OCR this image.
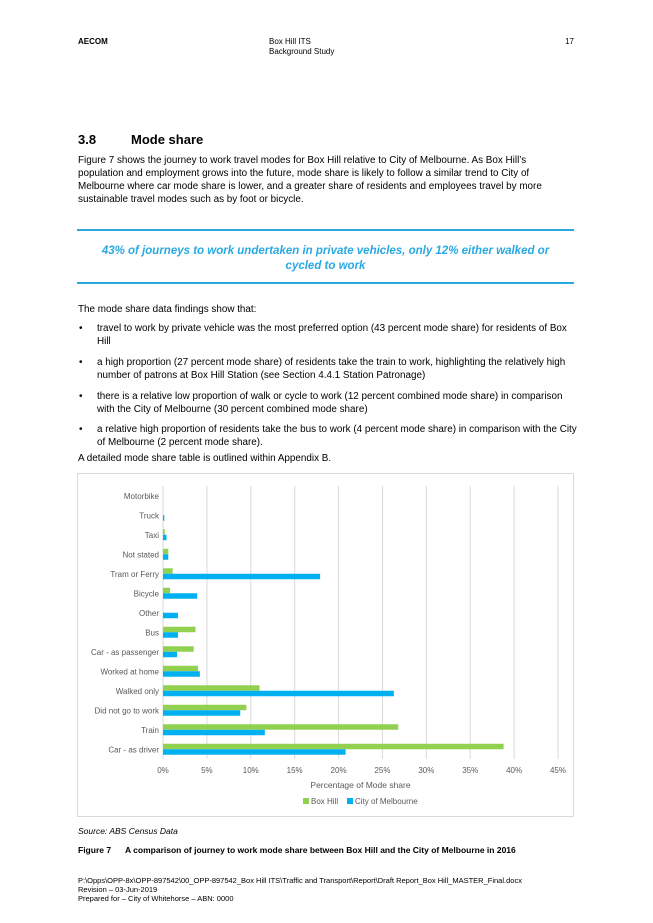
AECOM	Box Hill ITS
Background Study
17
3.8	Mode share
Figure 7 shows the journey to work travel modes for Box Hill relative to City of Melbourne. As Box Hill’s population and employment grows into the future, mode share is likely to follow a similar trend to City of Melbourne where car mode share is lower, and a greater share of residents and employees travel by more sustainable travel modes such as by foot or bicycle.
43% of journeys to work undertaken in private vehicles, only 12% either walked or
cycled to work
The mode share data findings show that:
• travel to work by private vehicle was the most preferred option (43 percent mode share) for residents of Box Hill
• a high proportion (27 percent mode share) of residents take the train to work, highlighting the relatively high number of patrons at Box Hill Station (see Section 4.4.1 Station Patronage)
• there is a relative low proportion of walk or cycle to work (12 percent combined mode share) in comparison with the City of Melbourne (30 percent combined mode share)
• a relative high proportion of residents take the bus to work (4 percent mode share) in comparison with the City of Melbourne (2 percent mode share).
A detailed mode share table is outlined within Appendix B.
0%	5%	10%	15%	20%	25%	30%	35%	40%	45%
Motorbike
Truck
Taxi
Not stated
Tram or Ferry
Bicycle
Other
Bus
Car - as passenger
Worked at home
Walked only
Did not go to work
Train
Car - as driver
Percentage of Mode share
Box Hill City of Melbourne
Source: ABS Census Data
Figure 7 A comparison of journey to work mode share between Box Hill and the City of Melbourne in 2016
P:\Opps\OPP-8x\OPP-897542\00_OPP-897542_Box Hill ITS\Traffic and Transport\Report\Draft Report_Box Hill_MASTER_Final.docx
Revision – 03-Jun-2019
Prepared for – City of Whitehorse – ABN: 0000
